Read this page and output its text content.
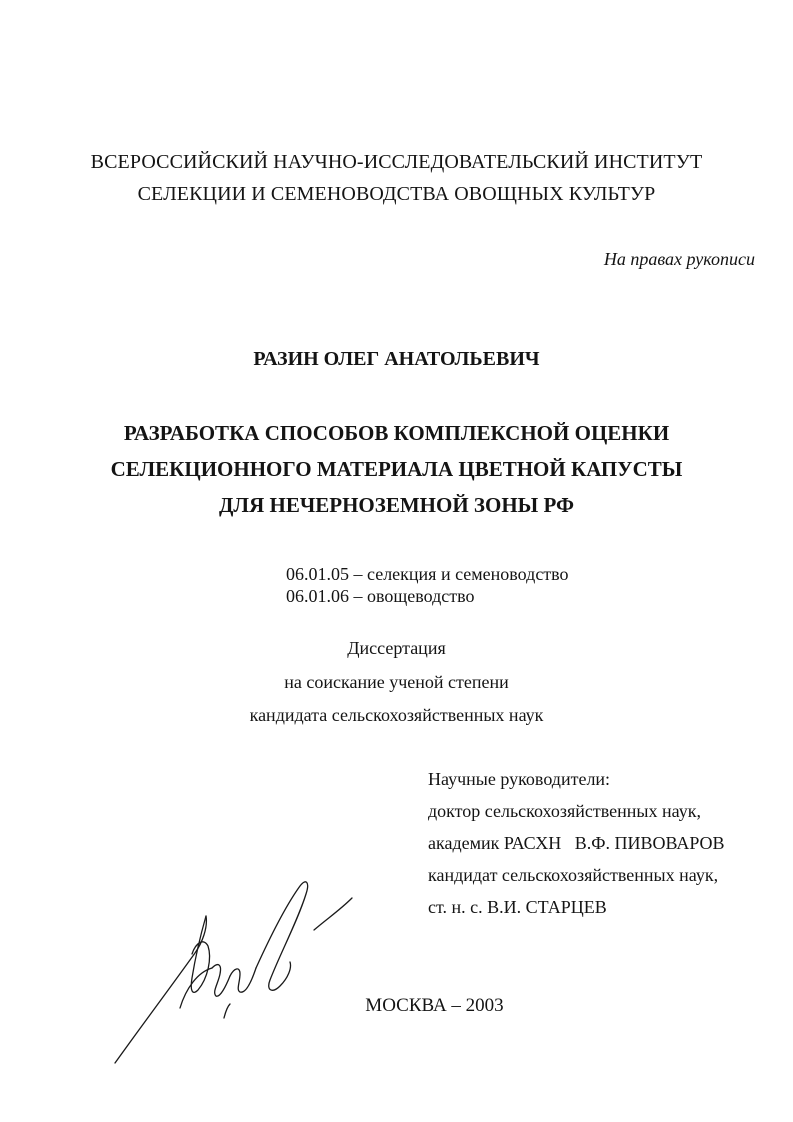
ВСЕРОССИЙСКИЙ НАУЧНО-ИССЛЕДОВАТЕЛЬСКИЙ ИНСТИТУТ
СЕЛЕКЦИИ И СЕМЕНОВОДСТВА ОВОЩНЫХ КУЛЬТУР
На правах рукописи
РАЗИН ОЛЕГ АНАТОЛЬЕВИЧ
РАЗРАБОТКА СПОСОБОВ КОМПЛЕКСНОЙ ОЦЕНКИ
СЕЛЕКЦИОННОГО МАТЕРИАЛА ЦВЕТНОЙ КАПУСТЫ
ДЛЯ НЕЧЕРНОЗЕМНОЙ ЗОНЫ РФ
06.01.05 – селекция и семеноводство
06.01.06 – овощеводство
Диссертация
на соискание ученой степени
кандидата сельскохозяйственных наук
Научные руководители:
доктор сельскохозяйственных наук,
академик РАСХН   В.Ф. ПИВОВАРОВ
кандидат сельскохозяйственных наук,
ст. н. с. В.И. СТАРЦЕВ
МОСКВА – 2003
